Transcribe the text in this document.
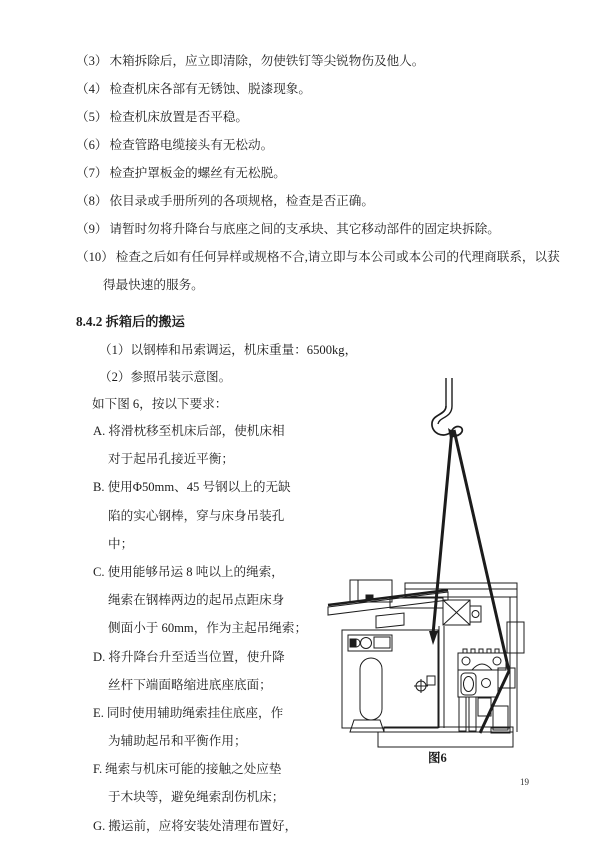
（3） 木箱拆除后，应立即清除，勿使铁钉等尖锐物伤及他人。
（4） 检查机床各部有无锈蚀、脱漆现象。
（5） 检查机床放置是否平稳。
（6） 检查管路电缆接头有无松动。
（7） 检查护罩板金的螺丝有无松脱。
（8） 依目录或手册所列的各项规格，检查是否正确。
（9） 请暂时勿将升降台与底座之间的支承块、其它移动部件的固定块拆除。
（10） 检查之后如有任何异样或规格不合,请立即与本公司或本公司的代理商联系，以获
得最快速的服务。
8.4.2 拆箱后的搬运
（1）以钢棒和吊索调运，机床重量：6500kg，
（2）参照吊装示意图。
如下图 6，按以下要求：
A. 将滑枕移至机床后部，使机床相
对于起吊孔接近平衡；
B. 使用Φ50mm、45 号钢以上的无缺
陷的实心钢棒，穿与床身吊装孔
中；
C. 使用能够吊运 8 吨以上的绳索，
绳索在钢棒两边的起吊点距床身
侧面小于 60mm，作为主起吊绳索；
D. 将升降台升至适当位置，使升降
丝杆下端面略缩进底座底面；
E. 同时使用辅助绳索挂住底座，作
为辅助起吊和平衡作用；
F. 绳索与机床可能的接触之处应垫
于木块等，避免绳索刮伤机床；
G. 搬运前，应将安装处清理布置好，
图6
19
